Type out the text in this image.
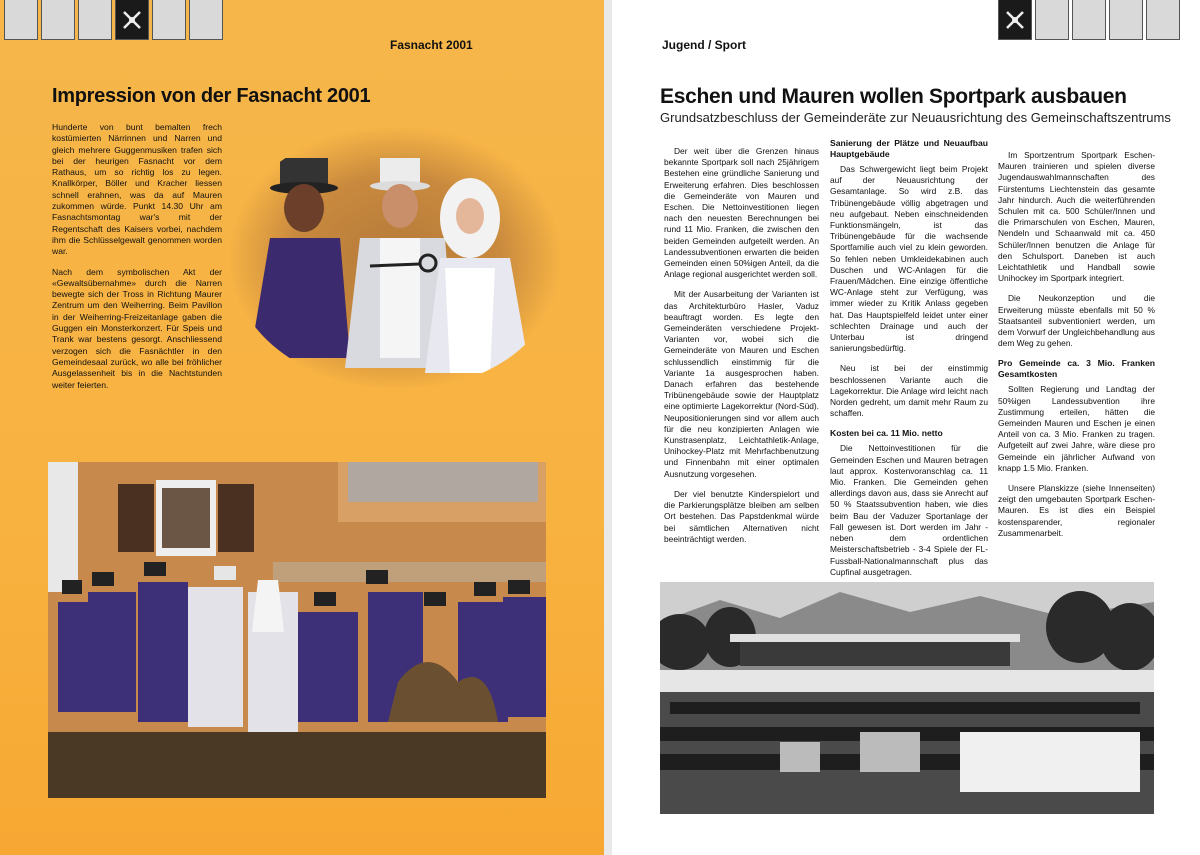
Fasnacht 2001
Impression von der Fasnacht 2001

Hunderte von bunt bemalten frech kostümierten Närrinnen und Narren und gleich mehrere Guggenmusiken trafen sich bei der heurigen Fasnacht vor dem Rathaus, um so richtig los zu legen. Knallkörper, Böller und Kracher liessen schnell erahnen, was da auf Mauren zukommen würde. Punkt 14.30 Uhr am Fasnachtsmontag war's mit der Regentschaft des Kaisers vorbei, nachdem ihm die Schlüsselgewalt genommen worden war.

Nach dem symbolischen Akt der «Gewaltsübernahme» durch die Narren bewegte sich der Tross in Richtung Maurer Zentrum um den Weiherring. Beim Pavillon in der Weiherring-Freizeitanlage gaben die Guggen ein Monsterkonzert. Für Speis und Trank war bestens gesorgt. Anschliessend verzogen sich die Fasnächtler in den Gemeindesaal zurück, wo alle bei fröhlicher Ausgelassenheit bis in die Nachtstunden weiter feierten.

Jugend / Sport
Eschen und Mauren wollen Sportpark ausbauen
Grundsatzbeschluss der Gemeinderäte zur Neuausrichtung des Gemeinschaftszentrums

Der weit über die Grenzen hinaus bekannte Sportpark soll nach 25jährigem Bestehen eine gründliche Sanierung und Erweiterung erfahren. Dies beschlossen die Gemeinderäte von Mauren und Eschen. Die Nettoinvestitionen liegen nach den neuesten Berechnungen bei rund 11 Mio. Franken, die zwischen den beiden Gemeinden aufgeteilt werden. An Landessubventionen erwarten die beiden Gemeinden einen 50%igen Anteil, da die Anlage regional ausgerichtet werden soll.

Mit der Ausarbeitung der Varianten ist das Architekturbüro Hasler, Vaduz beauftragt worden. Es legte den Gemeinderäten verschiedene Projekt-Varianten vor, wobei sich die Gemeinderäte von Mauren und Eschen schlussendlich einstimmig für die Variante 1a ausgesprochen haben. Danach erfahren das bestehende Tribünengebäude sowie der Hauptplatz eine optimierte Lagekorrektur (Nord-Süd). Neupositionierungen sind vor allem auch für die neu konzipierten Anlagen wie Kunstrasenplatz, Leichtathletik-Anlage, Unihockey-Platz mit Mehrfachbenutzung und Finnenbahn mit einer optimalen Ausnutzung vorgesehen.

Der viel benutzte Kinderspielort und die Parkierungsplätze bleiben am selben Ort bestehen. Das Papstdenkmal würde bei sämtlichen Alternativen nicht beeinträchtigt werden.

Sanierung der Plätze und Neuaufbau Hauptgebäude

Das Schwergewicht liegt beim Projekt auf der Neuausrichtung der Gesamtanlage. So wird z.B. das Tribünengebäude völlig abgetragen und neu aufgebaut. Neben einschneidenden Funktionsmängeln, ist das Tribünengebäude für die wachsende Sportfamilie auch viel zu klein geworden. So fehlen neben Umkleidekabinen auch Duschen und WC-Anlagen für die Frauen/Mädchen. Eine einzige öffentliche WC-Anlage steht zur Verfügung, was immer wieder zu Kritik Anlass gegeben hat. Das Hauptspielfeld leidet unter einer schlechten Drainage und auch der Unterbau ist dringend sanierungsbedürftig.

Neu ist bei der einstimmig beschlossenen Variante auch die Lagekorrektur. Die Anlage wird leicht nach Norden gedreht, um damit mehr Raum zu schaffen.

Kosten bei ca. 11 Mio. netto

Die Nettoinvestitionen für die Gemeinden Eschen und Mauren betragen laut approx. Kostenvoranschlag ca. 11 Mio. Franken. Die Gemeinden gehen allerdings davon aus, dass sie Anrecht auf 50 % Staatssubvention haben, wie dies beim Bau der Vaduzer Sportanlage der Fall gewesen ist. Dort werden im Jahr - neben dem ordentlichen Meisterschaftsbetrieb - 3-4 Spiele der FL-Fussball-Nationalmannschaft plus das Cupfinal ausgetragen.

Im Sportzentrum Sportpark Eschen-Mauren trainieren und spielen diverse Jugendauswahlmannschaften des Fürstentums Liechtenstein das gesamte Jahr hindurch. Auch die weiterführenden Schulen mit ca. 500 Schüler/Innen und die Primarschulen von Eschen, Mauren, Nendeln und Schaanwald mit ca. 450 Schüler/Innen benutzen die Anlage für den Schulsport. Daneben ist auch Leichtathletik und Handball sowie Unihockey im Sportpark integriert.

Die Neukonzeption und die Erweiterung müsste ebenfalls mit 50 % Staatsanteil subventioniert werden, um dem Vorwurf der Ungleichbehandlung aus dem Weg zu gehen.

Pro Gemeinde ca. 3 Mio. Franken Gesamtkosten

Sollten Regierung und Landtag der 50%igen Landessubvention ihre Zustimmung erteilen, hätten die Gemeinden Mauren und Eschen je einen Anteil von ca. 3 Mio. Franken zu tragen. Aufgeteilt auf zwei Jahre, wäre diese pro Gemeinde ein jährlicher Aufwand von knapp 1.5 Mio. Franken.

Unsere Planskizze (siehe Innenseiten) zeigt den umgebauten Sportpark Eschen-Mauren. Es ist dies ein Beispiel kostensparender, regionaler Zusammenarbeit.
